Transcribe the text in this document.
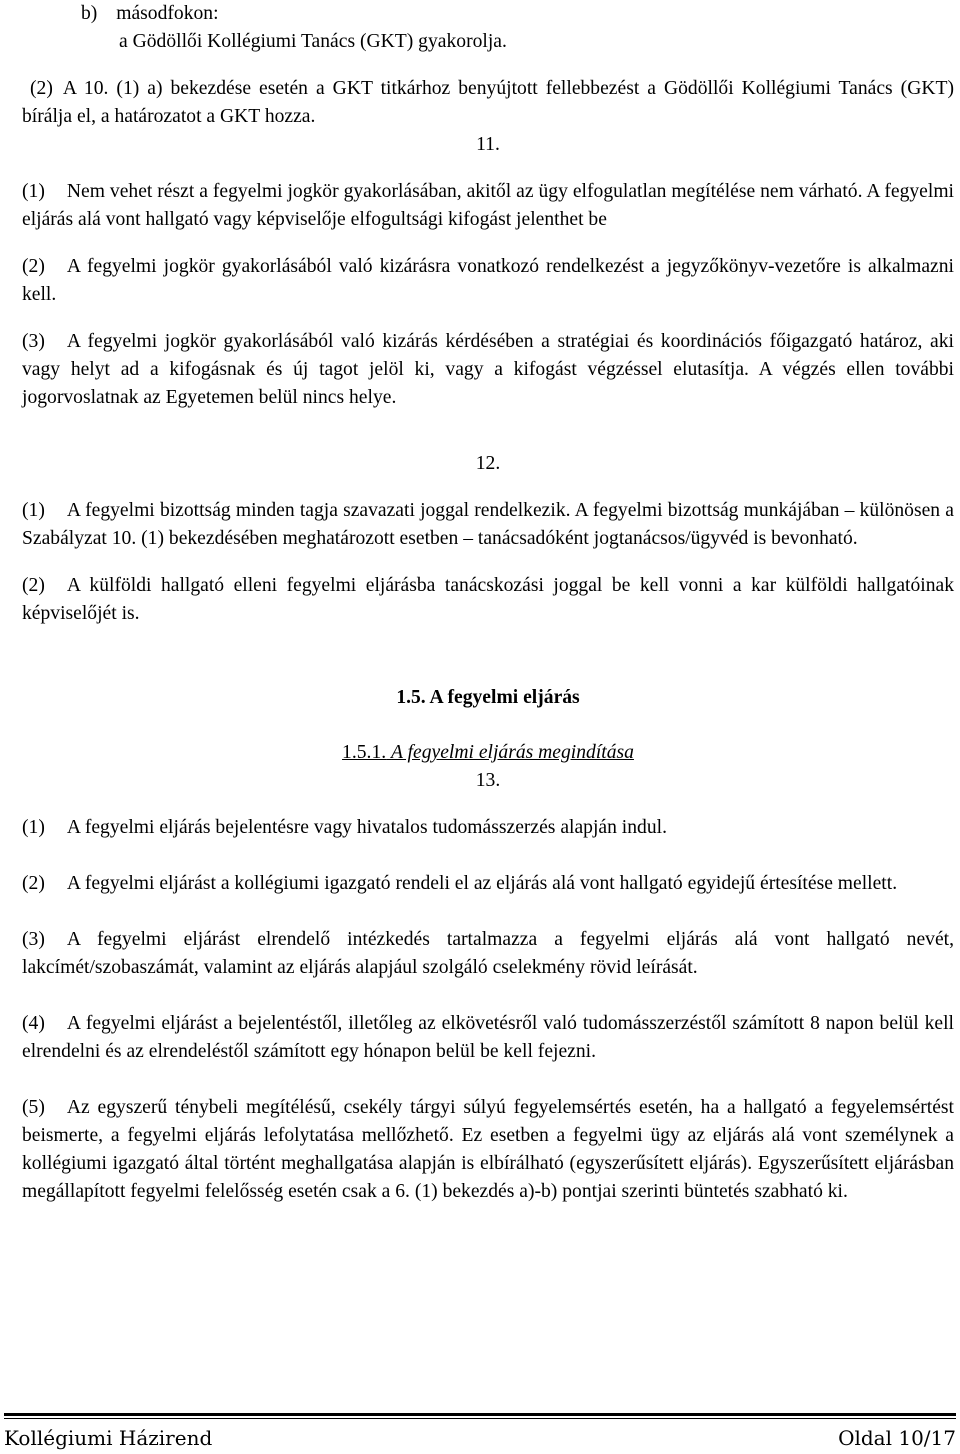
b) másodfokon:
a Gödöllői Kollégiumi Tanács (GKT) gyakorolja.

(2) A 10. (1) a) bekezdése esetén a GKT titkárhoz benyújtott fellebbezést a Gödöllői Kollégiumi Tanács (GKT) bírálja el, a határozatot a GKT hozza.

11.

(1) Nem vehet részt a fegyelmi jogkör gyakorlásában, akitől az ügy elfogulatlan megítélése nem várható. A fegyelmi eljárás alá vont hallgató vagy képviselője elfogultsági kifogást jelenthet be

(2) A fegyelmi jogkör gyakorlásából való kizárásra vonatkozó rendelkezést a jegyzőkönyv-vezetőre is alkalmazni kell.

(3) A fegyelmi jogkör gyakorlásából való kizárás kérdésében a stratégiai és koordinációs főigazgató határoz, aki vagy helyt ad a kifogásnak és új tagot jelöl ki, vagy a kifogást végzéssel elutasítja. A végzés ellen további jogorvoslatnak az Egyetemen belül nincs helye.

12.

(1) A fegyelmi bizottság minden tagja szavazati joggal rendelkezik. A fegyelmi bizottság munkájában – különösen a Szabályzat 10. (1) bekezdésében meghatározott esetben – tanácsadóként jogtanácsos/ügyvéd is bevonható.

(2) A külföldi hallgató elleni fegyelmi eljárásba tanácskozási joggal be kell vonni a kar külföldi hallgatóinak képviselőjét is.

1.5. A fegyelmi eljárás
1.5.1. A fegyelmi eljárás megindítása
13.

(1) A fegyelmi eljárás bejelentésre vagy hivatalos tudomásszerzés alapján indul.

(2) A fegyelmi eljárást a kollégiumi igazgató rendeli el az eljárás alá vont hallgató egyidejű értesítése mellett.

(3) A fegyelmi eljárást elrendelő intézkedés tartalmazza a fegyelmi eljárás alá vont hallgató nevét, lakcímét/szobaszámát, valamint az eljárás alapjául szolgáló cselekmény rövid leírását.

(4) A fegyelmi eljárást a bejelentéstől, illetőleg az elkövetésről való tudomásszerzéstől számított 8 napon belül kell elrendelni és az elrendeléstől számított egy hónapon belül be kell fejezni.

(5) Az egyszerű ténybeli megítélésű, csekély tárgyi súlyú fegyelemsértés esetén, ha a hallgató a fegyelemsértést beismerte, a fegyelmi eljárás lefolytatása mellőzhető. Ez esetben a fegyelmi ügy az eljárás alá vont személynek a kollégiumi igazgató által történt meghallgatása alapján is elbírálható (egyszerűsített eljárás). Egyszerűsített eljárásban megállapított fegyelmi felelősség esetén csak a 6. (1) bekezdés a)-b) pontjai szerinti büntetés szabható ki.

Kollégiumi Házirend	Oldal 10/17
